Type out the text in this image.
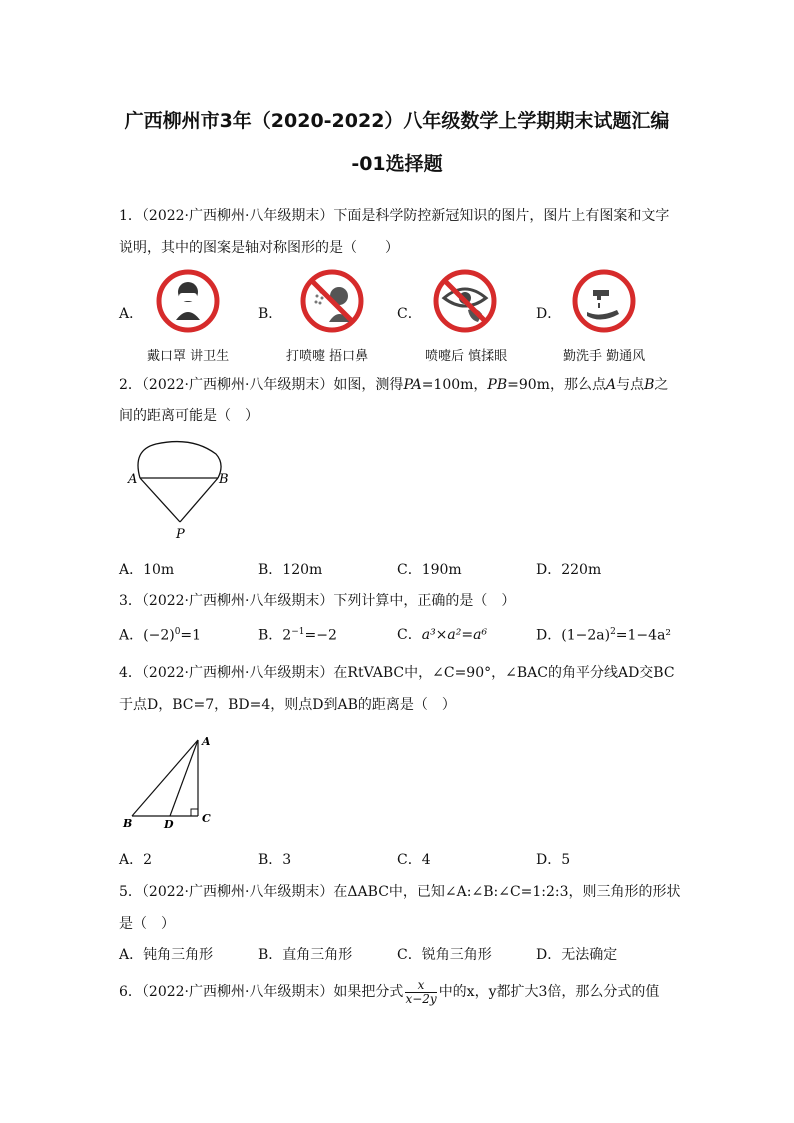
广西柳州市3年（2020-2022）八年级数学上学期期末试题汇编
-01选择题
1．（2022·广西柳州·八年级期末）下面是科学防控新冠知识的图片，图片上有图案和文字
说明，其中的图案是轴对称图形的是（　　）
A．	B．	C．	D．
戴口罩 讲卫生	打喷嚏 捂口鼻	喷嚏后 慎揉眼	勤洗手 勤通风
2．（2022·广西柳州·八年级期末）如图，测得PA=100m，PB=90m，那么点A与点B之
间的距离可能是（　）
A	B
P
A．10m	B．120m	C．190m	D．220m
3．（2022·广西柳州·八年级期末）下列计算中，正确的是（　）
A．$(-2)^0=1$	B．$2^{-1}=-2$	C．a³×a²=a⁶	D．$(1-2a)^2=1-4a^2$
4．（2022·广西柳州·八年级期末）在RtVABC中，∠C=90°，∠BAC的角平分线AD交BC
于点D，BC=7，BD=4，则点D到AB的距离是（　）
A
B	C
D
A．2	B．3	C．4	D．5
5．（2022·广西柳州·八年级期末）在ΔABC中，已知∠A:∠B:∠C=1:2:3，则三角形的形状
是（　）
A．钝角三角形	B．直角三角形	C．锐角三角形	D．无法确定
6．（2022·广西柳州·八年级期末）如果把分式 $\frac{x}{x-2y}$ 中的x，y都扩大3倍，那么分式的值
